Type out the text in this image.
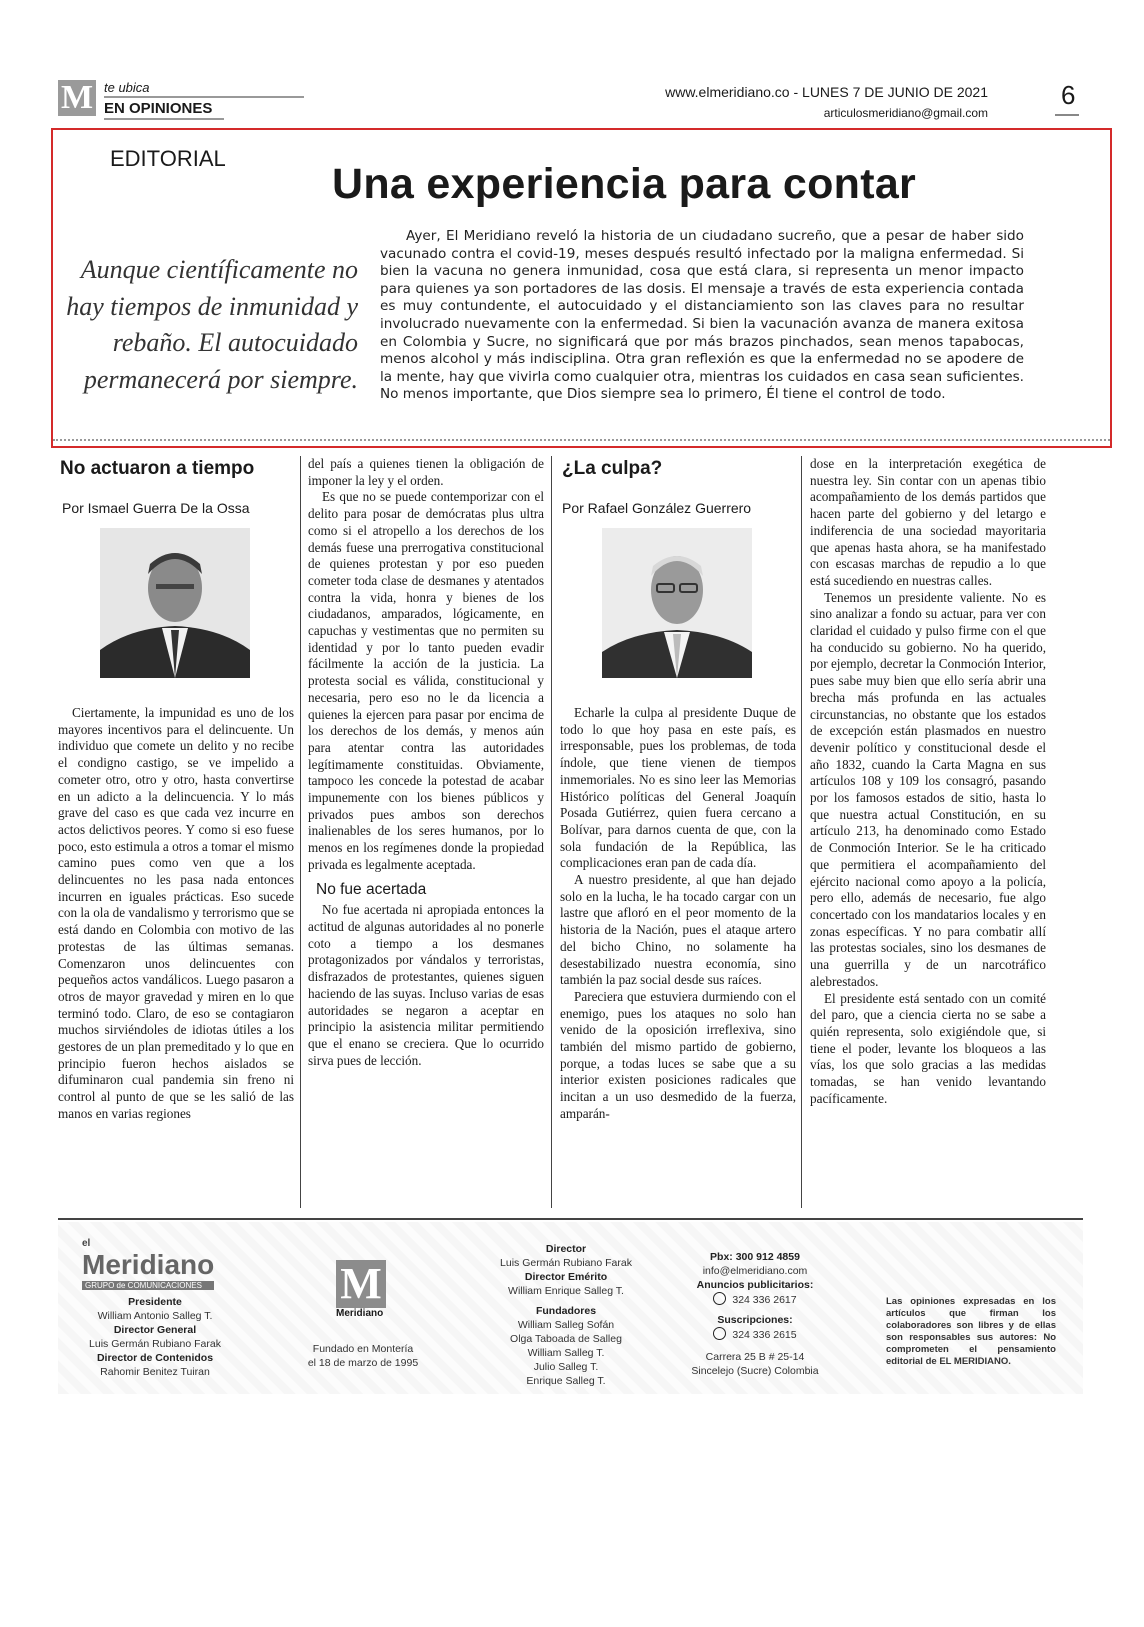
M te ubica
EN OPINIONES
www.elmeridiano.co - LUNES 7 DE JUNIO DE 2021
articulosmeridiano@gmail.com
6
EDITORIAL
Una experiencia para contar
Aunque científicamente no hay tiempos de inmunidad y rebaño. El autocuidado permanecerá por siempre.
Ayer, El Meridiano reveló la historia de un ciudadano sucreño, que a pesar de haber sido vacunado contra el covid-19, meses después resultó infectado por la maligna enfermedad. Si bien la vacuna no genera inmunidad, cosa que está clara, si representa un menor impacto para quienes ya son portadores de las dosis. El mensaje a través de esta experiencia contada es muy contundente, el autocuidado y el distanciamiento son las claves para no resultar involucrado nuevamente con la enfermedad. Si bien la vacunación avanza de manera exitosa en Colombia y Sucre, no significará que por más brazos pinchados, sean menos tapabocas, menos alcohol y más indisciplina. Otra gran reflexión es que la enfermedad no se apodere de la mente, hay que vivirla como cualquier otra, mientras los cuidados en casa sean suficientes. No menos importante, que Dios siempre sea lo primero, Él tiene el control de todo.
No actuaron a tiempo
Por Ismael Guerra De la Ossa

Ciertamente, la impunidad es uno de los mayores incentivos para el delincuente. Un individuo que comete un delito y no recibe el condigno castigo, se ve impelido a cometer otro, otro y otro, hasta convertirse en un adicto a la delincuencia. Y lo más grave del caso es que cada vez incurre en actos delictivos peores. Y como si eso fuese poco, esto estimula a otros a tomar el mismo camino pues como ven que a los delincuentes no les pasa nada entonces incurren en iguales prácticas. Eso sucede con la ola de vandalismo y terrorismo que se está dando en Colombia con motivo de las protestas de las últimas semanas. Comenzaron unos delincuentes con pequeños actos vandálicos. Luego pasaron a otros de mayor gravedad y miren en lo que terminó todo. Claro, de eso se contagiaron muchos sirviéndoles de idiotas útiles a los gestores de un plan premeditado y lo que en principio fueron hechos aislados se difuminaron cual pandemia sin freno ni control al punto de que se les salió de las manos en varias regiones

del país a quienes tienen la obligación de imponer la ley y el orden.

Es que no se puede contemporizar con el delito para posar de demócratas plus ultra como si el atropello a los derechos de los demás fuese una prerrogativa constitucional de quienes protestan y por eso pueden cometer toda clase de desmanes y atentados contra la vida, honra y bienes de los ciudadanos, amparados, lógicamente, en capuchas y vestimentas que no permiten su identidad y por lo tanto pueden evadir fácilmente la acción de la justicia. La protesta social es válida, constitucional y necesaria, pero eso no le da licencia a quienes la ejercen para pasar por encima de los derechos de los demás, y menos aún para atentar contra las autoridades legítimamente constituidas. Obviamente, tampoco les concede la potestad de acabar impunemente con los bienes públicos y privados pues ambos son derechos inalienables de los seres humanos, por lo menos en los regímenes donde la propiedad privada es legalmente aceptada.

No fue acertada

No fue acertada ni apropiada entonces la actitud de algunas autoridades al no ponerle coto a tiempo a los desmanes protagonizados por vándalos y terroristas, disfrazados de protestantes, quienes siguen haciendo de las suyas. Incluso varias de esas autoridades se negaron a aceptar en principio la asistencia militar permitiendo que el enano se creciera. Que lo ocurrido sirva pues de lección.

¿La culpa?
Por Rafael González Guerrero

Echarle la culpa al presidente Duque de todo lo que hoy pasa en este país, es irresponsable, pues los problemas, de toda índole, que tiene vienen de tiempos inmemoriales. No es sino leer las Memorias Histórico políticas del General Joaquín Posada Gutiérrez, quien fuera cercano a Bolívar, para darnos cuenta de que, con la sola fundación de la República, las complicaciones eran pan de cada día.

A nuestro presidente, al que han dejado solo en la lucha, le ha tocado cargar con un lastre que afloró en el peor momento de la historia de la Nación, pues el ataque artero del bicho Chino, no solamente ha desestabilizado nuestra economía, sino también la paz social desde sus raíces.

Pareciera que estuviera durmiendo con el enemigo, pues los ataques no solo han venido de la oposición irreflexiva, sino también del mismo partido de gobierno, porque, a todas luces se sabe que a su interior existen posiciones radicales que incitan a un uso desmedido de la fuerza, amparán-

dose en la interpretación exegética de nuestra ley. Sin contar con un apenas tibio acompañamiento de los demás partidos que hacen parte del gobierno y del letargo e indiferencia de una sociedad mayoritaria que apenas hasta ahora, se ha manifestado con escasas marchas de repudio a lo que está sucediendo en nuestras calles.

Tenemos un presidente valiente. No es sino analizar a fondo su actuar, para ver con claridad el cuidado y pulso firme con el que ha conducido su gobierno. No ha querido, por ejemplo, decretar la Conmoción Interior, pues sabe muy bien que ello sería abrir una brecha más profunda en las actuales circunstancias, no obstante que los estados de excepción están plasmados en nuestro devenir político y constitucional desde el año 1832, cuando la Carta Magna en sus artículos 108 y 109 los consagró, pasando por los famosos estados de sitio, hasta lo que nuestra actual Constitución, en su artículo 213, ha denominado como Estado de Conmoción Interior. Se le ha criticado que permitiera el acompañamiento del ejército nacional como apoyo a la policía, pero ello, además de necesario, fue algo concertado con los mandatarios locales y en zonas específicas. Y no para combatir allí las protestas sociales, sino los desmanes de una guerrilla y de un narcotráfico alebrestados.

El presidente está sentado con un comité del paro, que a ciencia cierta no se sabe a quién representa, solo exigiéndole que, si tiene el poder, levante los bloqueos a las vías, los que solo gracias a las medidas tomadas, se han venido levantando pacíficamente.

el
Meridiano
GRUPO de COMUNICACIONES
Presidente
William Antonio Salleg T.
Director General
Luis Germán Rubiano Farak
Director de Contenidos
Rahomir Benitez Tuiran
M
Meridiano
Fundado en Montería
el 18 de marzo de 1995
Director
Luis Germán Rubiano Farak
Director Emérito
William Enrique Salleg T.
Fundadores
William Salleg Sofán
Olga Taboada de Salleg
William Salleg T.
Julio Salleg T.
Enrique Salleg T.
Pbx: 300 912 4859
info@elmeridiano.com
Anuncios publicitarios:
324 336 2617
Suscripciones:
324 336 2615
Carrera 25 B # 25-14
Sincelejo (Sucre) Colombia
Las opiniones expresadas en los artículos que firman los colaboradores son libres y de ellas son responsables sus autores: No comprometen el pensamiento editorial de EL MERIDIANO.
